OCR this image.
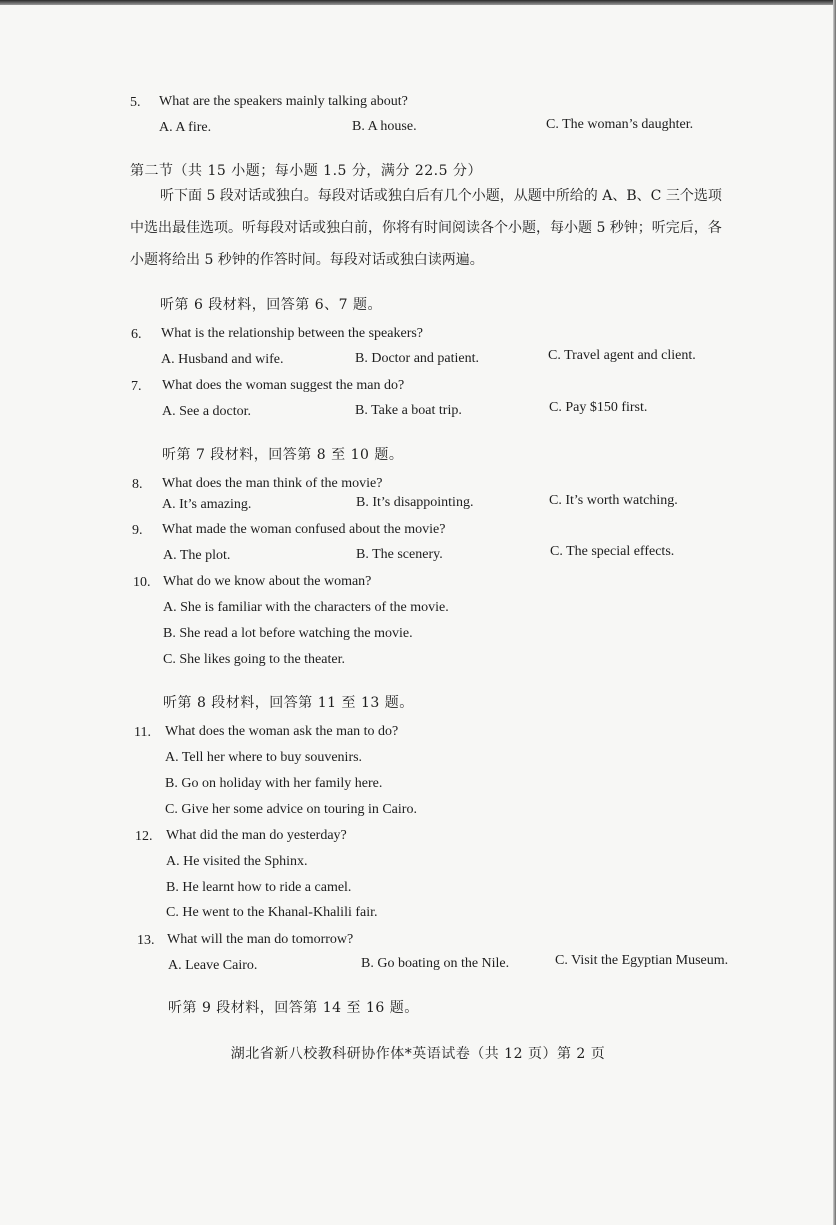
5. What are the speakers mainly talking about?
A. A fire.	B. A house.	C. The woman’s daughter.
第二节（共 15 小题；每小题 1.5 分，满分 22.5 分）
听下面 5 段对话或独白。每段对话或独白后有几个小题，从题中所给的 A、B、C 三个选项
中选出最佳选项。听每段对话或独白前，你将有时间阅读各个小题，每小题 5 秒钟；听完后，各
小题将给出 5 秒钟的作答时间。每段对话或独白读两遍。
听第 6 段材料，回答第 6、7 题。
6. What is the relationship between the speakers?
A. Husband and wife.	B. Doctor and patient.	C. Travel agent and client.
7. What does the woman suggest the man do?
A. See a doctor.	B. Take a boat trip.	C. Pay $150 first.
听第 7 段材料，回答第 8 至 10 题。
8. What does the man think of the movie?
A. It’s amazing.	B. It’s disappointing.	C. It’s worth watching.
9. What made the woman confused about the movie?
A. The plot.	B. The scenery.	C. The special effects.
10. What do we know about the woman?
A. She is familiar with the characters of the movie.
B. She read a lot before watching the movie.
C. She likes going to the theater.
听第 8 段材料，回答第 11 至 13 题。
11. What does the woman ask the man to do?
A. Tell her where to buy souvenirs.
B. Go on holiday with her family here.
C. Give her some advice on touring in Cairo.
12. What did the man do yesterday?
A. He visited the Sphinx.
B. He learnt how to ride a camel.
C. He went to the Khanal-Khalili fair.
13. What will the man do tomorrow?
A. Leave Cairo.	B. Go boating on the Nile.	C. Visit the Egyptian Museum.
听第 9 段材料，回答第 14 至 16 题。
湖北省新八校教科研协作体*英语试卷（共 12 页）第 2 页
